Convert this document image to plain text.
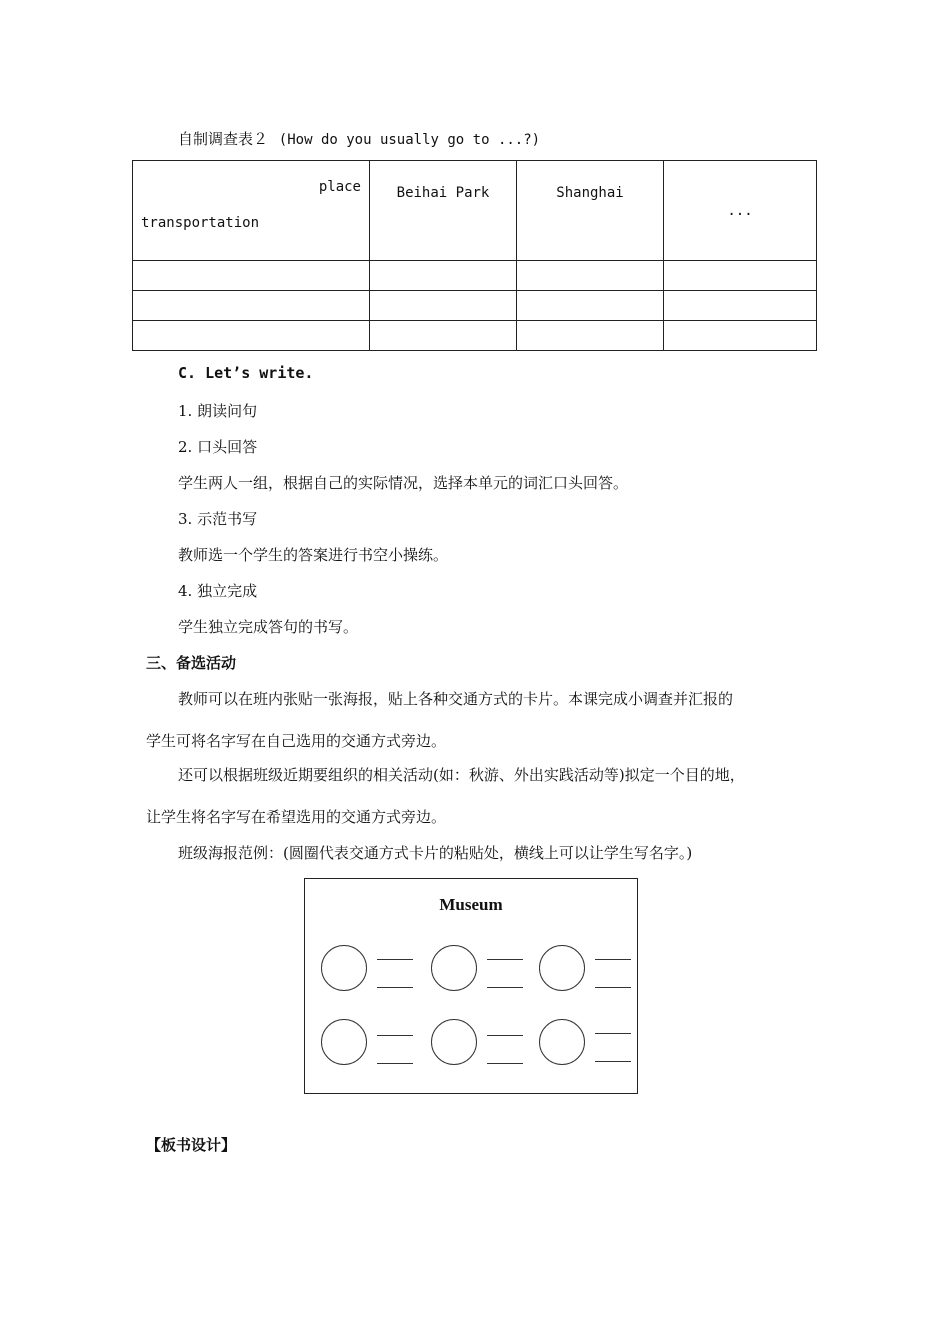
自制调查表２ (How do you usually go to ...?)
place
transportation	Beihai Park	Shanghai	...

C. Let’s write.
1. 朗读问句
2. 口头回答
学生两人一组，根据自己的实际情况，选择本单元的词汇口头回答。
3. 示范书写
教师选一个学生的答案进行书空小操练。
4. 独立完成
学生独立完成答句的书写。
三、备选活动
教师可以在班内张贴一张海报，贴上各种交通方式的卡片。本课完成小调查并汇报的
学生可将名字写在自己选用的交通方式旁边。
还可以根据班级近期要组织的相关活动(如：秋游、外出实践活动等)拟定一个目的地，
让学生将名字写在希望选用的交通方式旁边。
班级海报范例：(圆圈代表交通方式卡片的粘贴处，横线上可以让学生写名字。)
Museum
【板书设计】
